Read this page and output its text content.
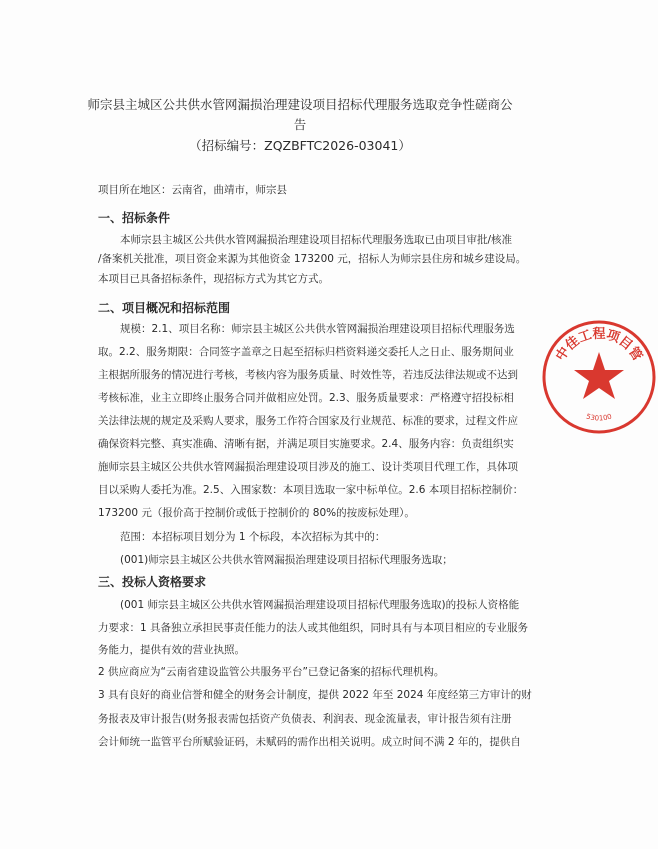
师宗县主城区公共供水管网漏损治理建设项目招标代理服务选取竞争性磋商公
告
（招标编号：ZQZBFTC2026-03041）
项目所在地区：云南省，曲靖市，师宗县
一、招标条件
本师宗县主城区公共供水管网漏损治理建设项目招标代理服务选取已由项目审批/核准
/备案机关批准，项目资金来源为其他资金 173200 元，招标人为师宗县住房和城乡建设局。
本项目已具备招标条件，现招标方式为其它方式。
二、项目概况和招标范围
规模：2.1、项目名称：师宗县主城区公共供水管网漏损治理建设项目招标代理服务选
取。2.2、服务期限：合同签字盖章之日起至招标归档资料递交委托人之日止、服务期间业
主根据所服务的情况进行考核，考核内容为服务质量、时效性等，若违反法律法规或不达到
考核标准，业主立即终止服务合同并做相应处罚。2.3、服务质量要求：严格遵守招投标相
关法律法规的规定及采购人要求，服务工作符合国家及行业规范、标准的要求，过程文件应
确保资料完整、真实准确、清晰有据，并满足项目实施要求。2.4、服务内容：负责组织实
施师宗县主城区公共供水管网漏损治理建设项目涉及的施工、设计类项目代理工作，具体项
目以采购人委托为准。2.5、入围家数：本项目选取一家中标单位。2.6 本项目招标控制价：
173200 元（报价高于控制价或低于控制价的 80%的按废标处理）。
范围：本招标项目划分为 1 个标段，本次招标为其中的：
(001)师宗县主城区公共供水管网漏损治理建设项目招标代理服务选取；
三、投标人资格要求
(001 师宗县主城区公共供水管网漏损治理建设项目招标代理服务选取)的投标人资格能
力要求：1 具备独立承担民事责任能力的法人或其他组织，同时具有与本项目相应的专业服务
务能力，提供有效的营业执照。
2 供应商应为“云南省建设监管公共服务平台”已登记备案的招标代理机构。
3 具有良好的商业信誉和健全的财务会计制度，提供 2022 年至 2024 年度经第三方审计的财
务报表及审计报告(财务报表需包括资产负债表、利润表、现金流量表，审计报告须有注册
会计师统一监管平台所赋验证码，未赋码的需作出相关说明。成立时间不满 2 年的，提供自
中佳工程项目管
530100
